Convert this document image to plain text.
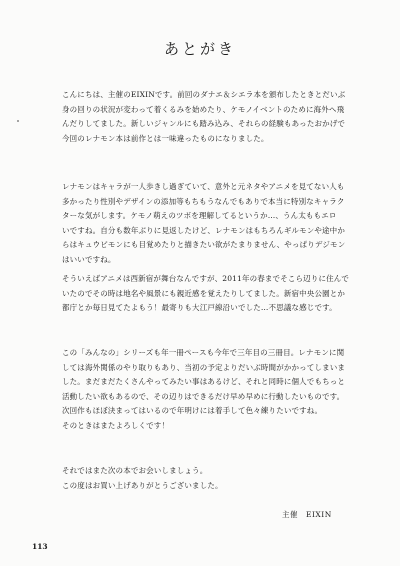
あとがき
こんにちは、主催のEIXINです。前回のダナエ＆シエラ本を頒布したときとだいぶ
身の回りの状況が変わって着くるみを始めたり、ケモノイベントのために海外へ飛
んだりしてました。新しいジャンルにも踏み込み、それらの経験もあったおかげで
今回のレナモン本は前作とは一味違ったものになりました。
レナモンはキャラが一人歩きし過ぎていて、意外と元ネタやアニメを見てない人も
多かったり性別やデザインの添加等もちもうなんでもありで本当に特別なキャラク
ターな気がします。ケモノ萌えのツボを理解してるというか…、うん太ももエロ
いですね。自分も数年ぶりに見返したけど、レナモンはもちろんギルモンや途中か
らはキュウビモンにも目覚めたりと描きたい欲がたまりません、やっぱりデジモン
はいいですね。
そういえばアニメは西新宿が舞台なんですが、2011年の春までそこら辺りに住んで
いたのでその時は地名や風景にも親近感を覚えたりしてました。新宿中央公園とか
都庁とか毎日見てたよもう！最寄りも大江戸線沿いでした…不思議な感じです。
この「みんなの」シリーズも年一冊ペースも今年で三年目の三冊目。レナモンに関
しては海外関係のやり取りもあり、当初の予定よりだいぶ時間がかかってしまいま
した。まだまだたくさんやってみたい事はあるけど、それと同時に個人でもちっと
活動したい欲もあるので、その辺りはできるだけ早め早めに行動したいものです。
次回作もほぼ決まってはいるので年明けには着手して色々練りたいですね。
そのときはまたよろしくです！
それではまた次の本でお会いしましょう。
この度はお買い上げありがとうございました。
主催　EIXIN
113
